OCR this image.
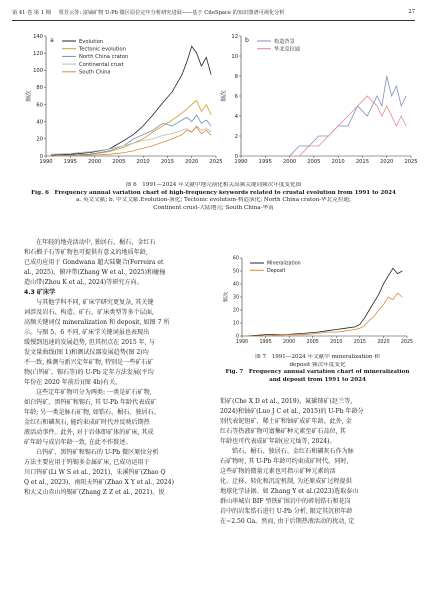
第 41 卷 第 1 期 贾芳云等: 富铀矿物 U-Pb 微区原位定年分析研究进展——基于 CiteSpace 的知识图谱可视化分析	27
1990 1995 2000 2005 2010 2015 2020 2025
0
20
40
60
80
100
120
140
频次
a	Evolution
Tectonic evolution
North China craton
Continental crust
South China
1990 1995 2000 2005 2010 2015 2020 2025
0
2
4
6
8
10
12
频次
b	构造背景
华北克拉通
图 6　1991—2024 年文献中地壳演化相关高频关键词频次年度变化图
Fig. 6　Frequency annual variation chart of high-frequency keywords related to crustal evolution from 1991 to 2024
a. 英文文献; b. 中文文献.Evolution-演化; Tectonic evolution-构造演化; North China craton-华北克拉通;
Continent crust-大陆地壳; South China-华南

在年轻的地壳活动中, 独居石、榍石、金红石

和石榴子石等矿物也可提供有意义的地质年龄,

已成功应用于 Gondwana 超大陆聚合(Ferreira et

al., 2025)、俯冲带(Zhang W et al., 2025)和碰撞

造山带(Zhou K et al., 2024)等研究方向。

4.3 矿床学

与其他学科不同, 矿床学研究更复杂, 其关键

词涉及岩石、构造、矿石、矿床类型等多个层面,

高频关键词仅 mineralization 和 deposit, 如图 7 所

示。与图 5、6 不同, 矿床学关键词虽也表现出

缓慢到迅速的发展趋势, 但其拐点在 2015 年, 与

发文量曲线(图 1)和测试仪器发展趋势(图 2)均

不一致, 推测与新兴定年矿物, 特别是一些矿石矿

物(白钨矿、锡石等)的 U-Pb 定年方法发展(平均

年份在 2020 年前后)(图 4b)有关。

这些定年矿物可分为两类: 一类是矿石矿物,

如白钨矿、黑钨矿和锡石, 其 U-Pb 年龄代表成矿

年龄; 另一类是脉石矿物, 如锆石、榍石、独居石、

金红石和磷灰石, 能约束成矿时代并反映后期热

液活动事件。此外, 对于岩体即矿体的矿床, 其成

矿年龄与成岩年龄一致, 在此不作赘述。

白钨矿、黑钨矿和锡石的 U-Pb 微区原位分析

方法主要应用于钨锡多金属矿床, 已成功运用于

川口钨矿(Li W S et al., 2021)、朱溪钨矿(Zhao Q

Q et al., 2023)、南阳天钨矿(Zhao X Y et al., 2024)

和大义山赤山坞锡矿(Zhang Z Z et al., 2021)。锐

1990 1995 2000 2005 2010 2015 2020 2025
0
10
20
30
40
50
60
频次
Mineralization
Deposit
图 7　1991—2024 年文献中 mineralization 和
deposit 频次年度变化
Fig. 7　Frequency annual variation chart of mineralization
and deposit from 1991 to 2024

钼矿(Che X D et al., 2019)、氟碳铈矿(赵兰等,

2024)和铀矿(Luo J C et al., 2015)的 U-Pb 年龄分

别代表铌钽矿、稀土矿和铀矿成矿年龄。此外, 金

红石等热液矿物可富集矿种元素至矿石品位, 其

年龄也可代表成矿年龄(应元灿等, 2024)。

锆石、榍石、独居石、金红石和磷灰石作为脉

石矿物时, 其 U-Pb 年龄可约束成矿时代。同时,

这些矿物的微量元素也可指示矿种元素的活

化、迁移、转化和沉淀机制, 为还原成矿过程提供

地球化学证据。如 Zhang Y et al.(2023)选取泰山

群山串城岩 BIF 型铁矿围岩中的碎屑锆石和花岗

岩中的岩浆锆石进行 U-Pb 分析, 限定其沉积年龄

在~2.50 Ga。然而, 由于后期热液活动的扰动, 定
